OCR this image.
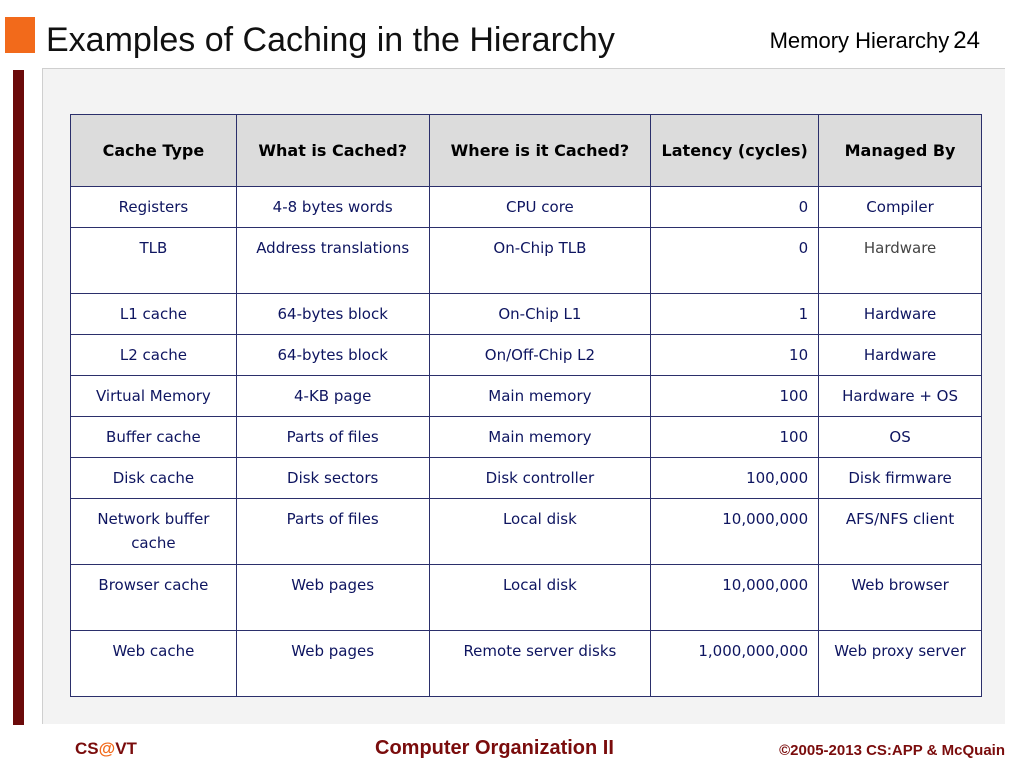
Examples of Caching in the Hierarchy	Memory Hierarchy 24
Cache Type	What is Cached?	Where is it Cached?	Latency (cycles)	Managed By
Registers	4-8 bytes words	CPU core	0	Compiler
TLB	Address translations	On-Chip TLB	0	Hardware
L1 cache	64-bytes block	On-Chip L1	1	Hardware
L2 cache	64-bytes block	On/Off-Chip L2	10	Hardware
Virtual Memory	4-KB page	Main memory	100	Hardware + OS
Buffer cache	Parts of files	Main memory	100	OS
Disk cache	Disk sectors	Disk controller	100,000	Disk firmware
Network buffer cache	Parts of files	Local disk	10,000,000	AFS/NFS client
Browser cache	Web pages	Local disk	10,000,000	Web browser
Web cache	Web pages	Remote server disks	1,000,000,000	Web proxy server
CS@VT	Computer Organization II	©2005-2013 CS:APP & McQuain
